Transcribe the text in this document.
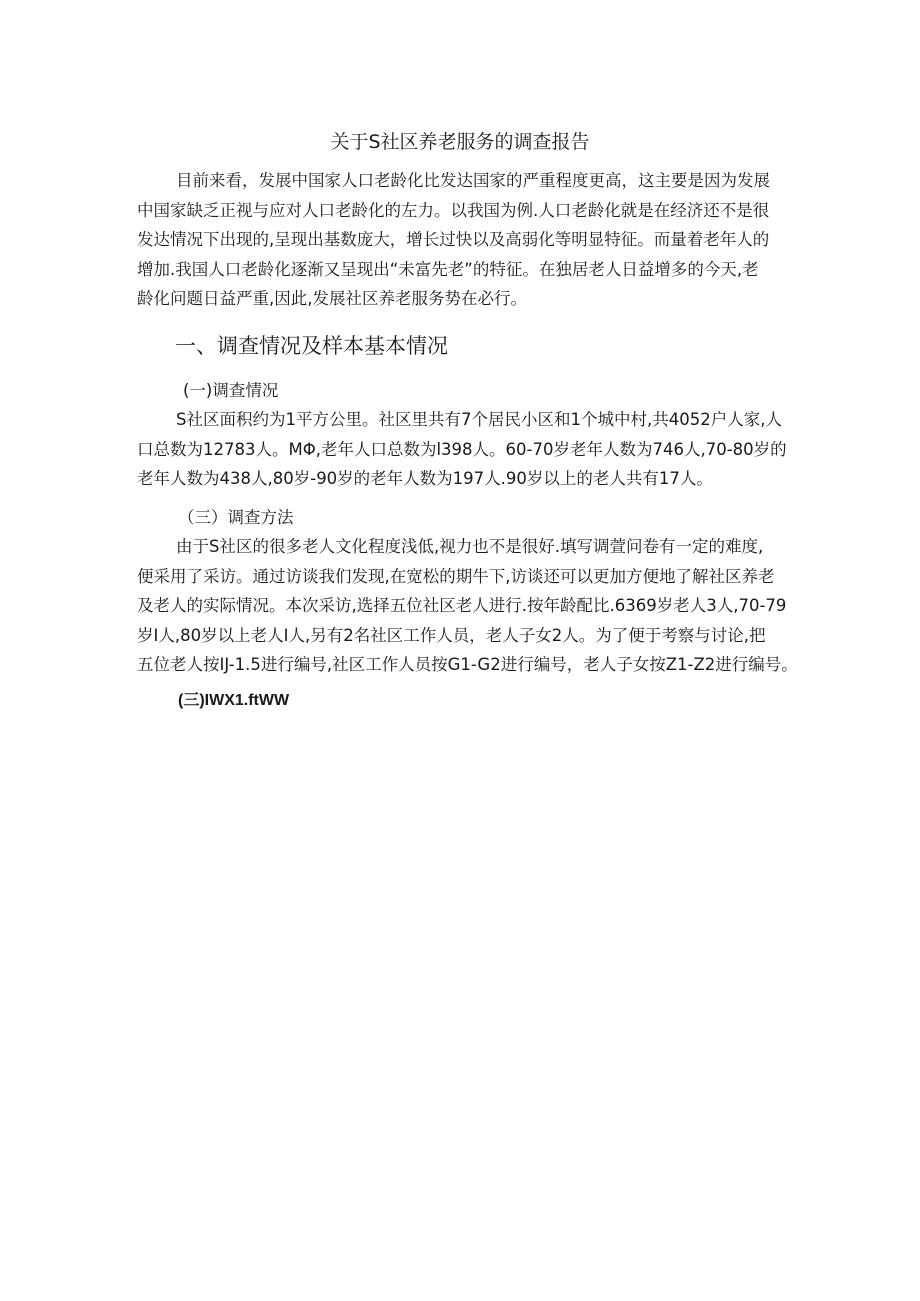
关于S社区养老服务的调查报告
目前来看，发展中国家人口老龄化比发达国家的严重程度更高，这主要是因为发展
中国家缺乏正视与应对人口老龄化的左力。以我国为例.人口老龄化就是在经济还不是很
发达情况下出现的,呈现出基数庞大，增长过快以及高弱化等明显特征。而量着老年人的
增加.我国人口老龄化逐渐又呈现出“未富先老”的特征。在独居老人日益增多的今天,老
龄化问题日益严重,因此,发展社区养老服务势在必行。
一、调查情况及样本基本情况
(一)调查情况
S社区面积约为1平方公里。社区里共有7个居民小区和1个城中村,共4052户人家,人
口总数为12783人。MΦ,老年人口总数为l398人。60-70岁老年人数为746人,70-80岁的
老年人数为438人,80岁-90岁的老年人数为197人.90岁以上的老人共有17人。
（三）调查方法
由于S社区的很多老人文化程度浅低,视力也不是很好.填写调萱问卷有一定的难度,
便采用了采访。通过访谈我们发现,在宽松的期牛下,访谈还可以更加方便地了解社区养老
及老人的实际情况。本次采访,选择五位社区老人进行.按年龄配比.6369岁老人3人,70-79
岁I人,80岁以上老人I人,另有2名社区工作人员，老人子女2人。为了便于考察与讨论,把
五位老人按IJ-1.5进行编号,社区工作人员按G1-G2进行编号，老人子女按Z1-Z2进行编号。
(三)IWX1.ftWW
